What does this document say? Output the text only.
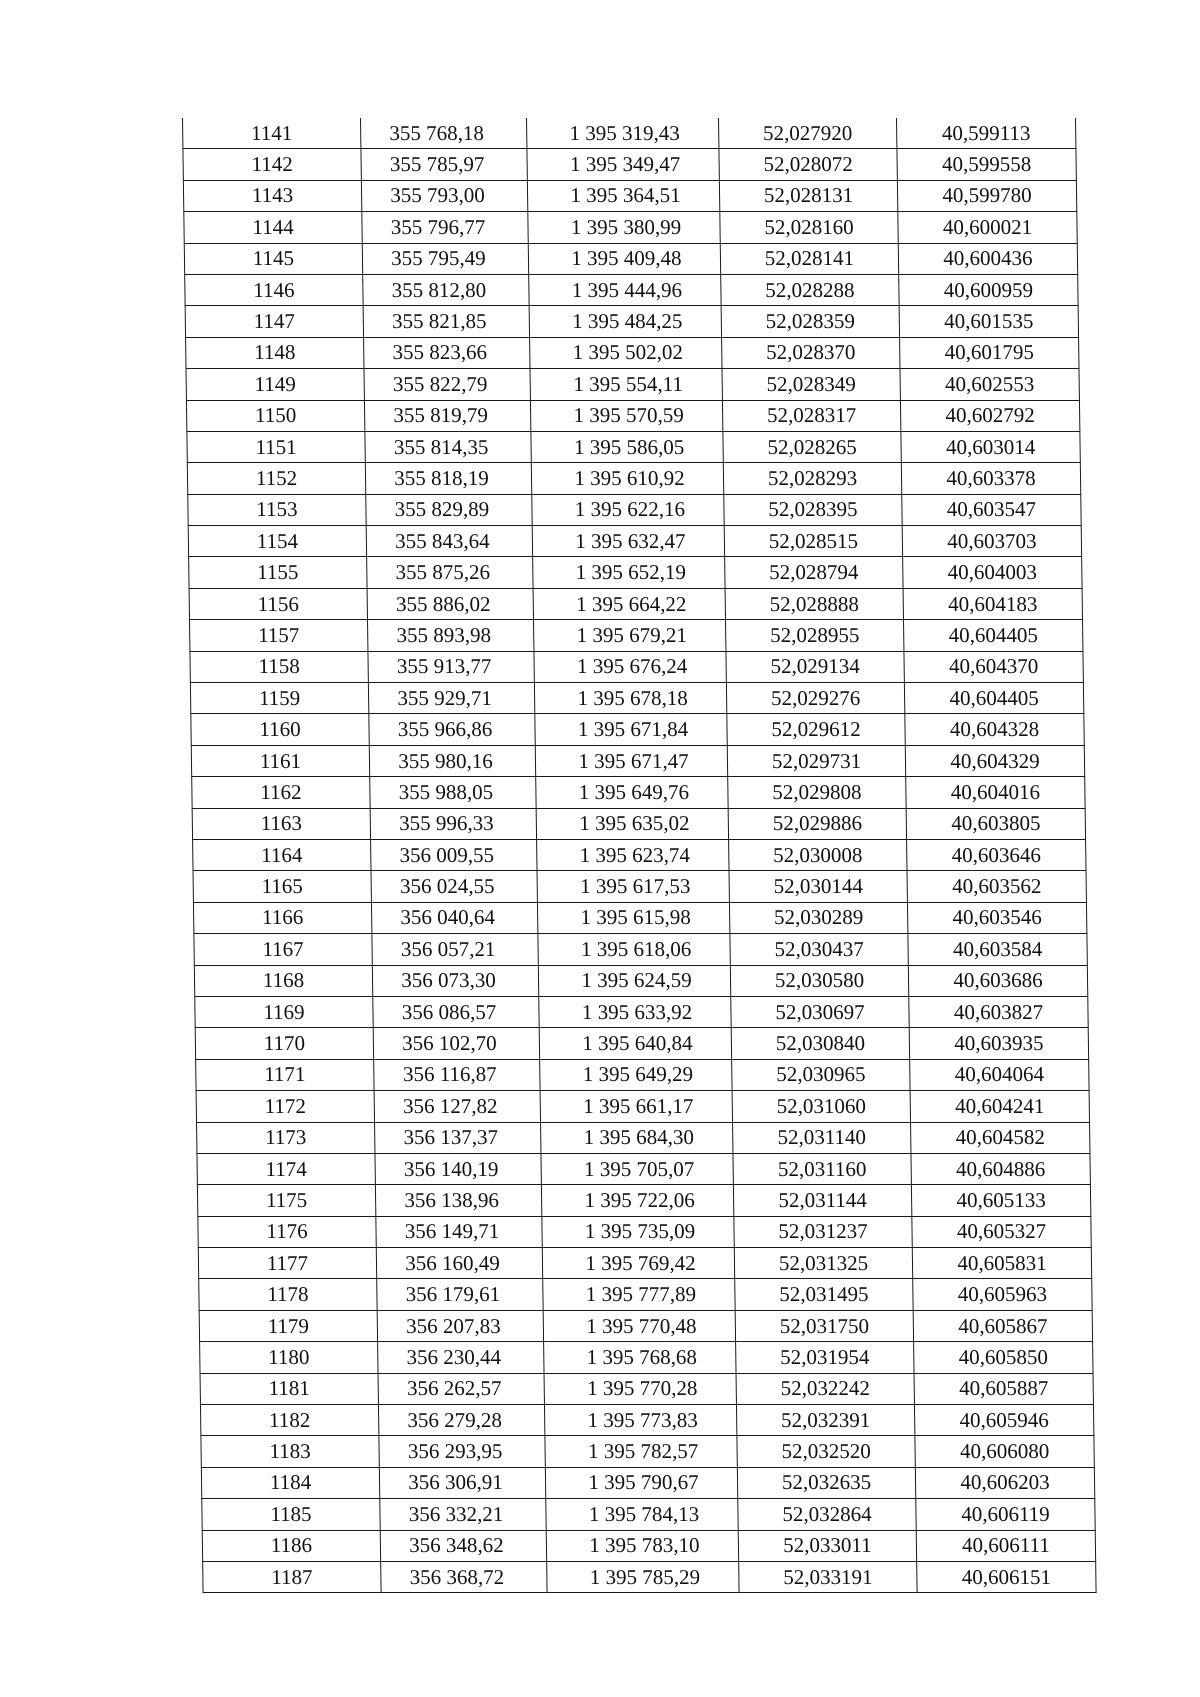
1141	355 768,18	1 395 319,43	52,027920	40,599113
1142	355 785,97	1 395 349,47	52,028072	40,599558
1143	355 793,00	1 395 364,51	52,028131	40,599780
1144	355 796,77	1 395 380,99	52,028160	40,600021
1145	355 795,49	1 395 409,48	52,028141	40,600436
1146	355 812,80	1 395 444,96	52,028288	40,600959
1147	355 821,85	1 395 484,25	52,028359	40,601535
1148	355 823,66	1 395 502,02	52,028370	40,601795
1149	355 822,79	1 395 554,11	52,028349	40,602553
1150	355 819,79	1 395 570,59	52,028317	40,602792
1151	355 814,35	1 395 586,05	52,028265	40,603014
1152	355 818,19	1 395 610,92	52,028293	40,603378
1153	355 829,89	1 395 622,16	52,028395	40,603547
1154	355 843,64	1 395 632,47	52,028515	40,603703
1155	355 875,26	1 395 652,19	52,028794	40,604003
1156	355 886,02	1 395 664,22	52,028888	40,604183
1157	355 893,98	1 395 679,21	52,028955	40,604405
1158	355 913,77	1 395 676,24	52,029134	40,604370
1159	355 929,71	1 395 678,18	52,029276	40,604405
1160	355 966,86	1 395 671,84	52,029612	40,604328
1161	355 980,16	1 395 671,47	52,029731	40,604329
1162	355 988,05	1 395 649,76	52,029808	40,604016
1163	355 996,33	1 395 635,02	52,029886	40,603805
1164	356 009,55	1 395 623,74	52,030008	40,603646
1165	356 024,55	1 395 617,53	52,030144	40,603562
1166	356 040,64	1 395 615,98	52,030289	40,603546
1167	356 057,21	1 395 618,06	52,030437	40,603584
1168	356 073,30	1 395 624,59	52,030580	40,603686
1169	356 086,57	1 395 633,92	52,030697	40,603827
1170	356 102,70	1 395 640,84	52,030840	40,603935
1171	356 116,87	1 395 649,29	52,030965	40,604064
1172	356 127,82	1 395 661,17	52,031060	40,604241
1173	356 137,37	1 395 684,30	52,031140	40,604582
1174	356 140,19	1 395 705,07	52,031160	40,604886
1175	356 138,96	1 395 722,06	52,031144	40,605133
1176	356 149,71	1 395 735,09	52,031237	40,605327
1177	356 160,49	1 395 769,42	52,031325	40,605831
1178	356 179,61	1 395 777,89	52,031495	40,605963
1179	356 207,83	1 395 770,48	52,031750	40,605867
1180	356 230,44	1 395 768,68	52,031954	40,605850
1181	356 262,57	1 395 770,28	52,032242	40,605887
1182	356 279,28	1 395 773,83	52,032391	40,605946
1183	356 293,95	1 395 782,57	52,032520	40,606080
1184	356 306,91	1 395 790,67	52,032635	40,606203
1185	356 332,21	1 395 784,13	52,032864	40,606119
1186	356 348,62	1 395 783,10	52,033011	40,606111
1187	356 368,72	1 395 785,29	52,033191	40,606151
